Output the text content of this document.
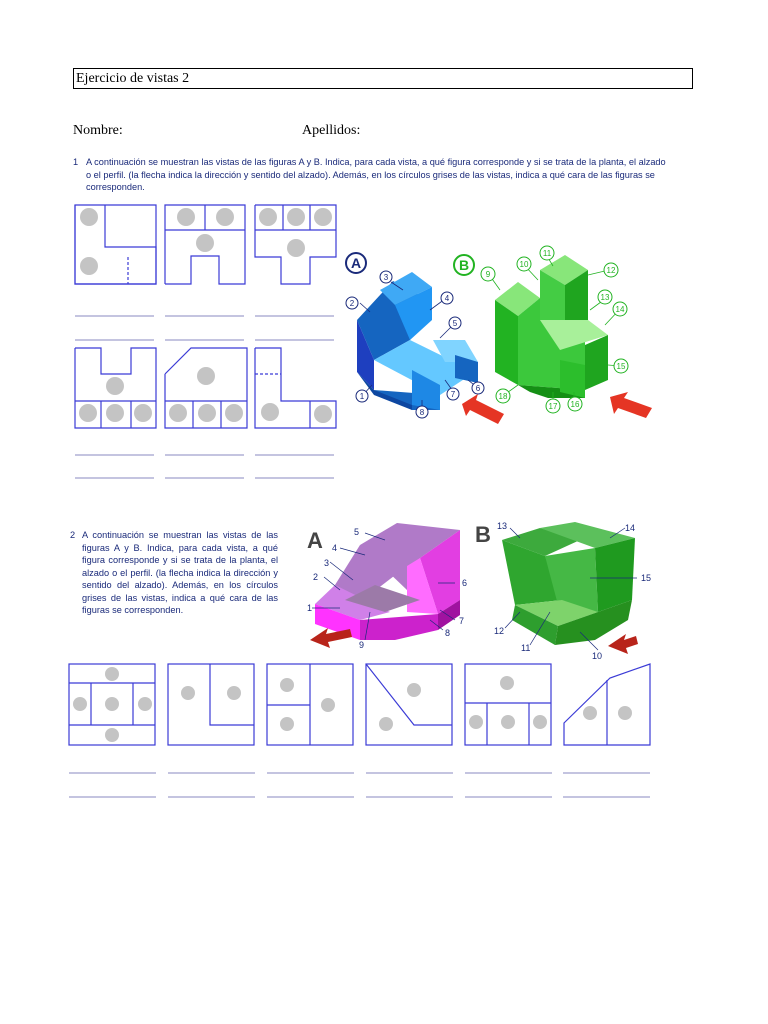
Ejercicio de vistas 2
Nombre:	Apellidos:
1 A continuación se muestran las vistas de las figuras A y B. Indica, para cada vista, a qué figura corresponde y si se trata de la planta, el alzado o el perfil. (la flecha indica la dirección y sentido del alzado). Además, en los círculos grises de las vistas, indica a qué cara de las figuras se corresponden.
2 A continuación se muestran las vistas de las figuras A y B. Indica, para cada vista, a qué figura corresponde y si se trata de la planta, el alzado o el perfil. (la flecha indica la dirección y sentido del alzado). Además, en los círculos grises de las vistas, indica a qué cara de las figuras se corresponden.
A	B
3
2
4
5
6
7
8
1
9
10
11
12
13
14
15
16
17
18
A	B
1
2
3
4
5
6
7
8
9
10
11
12
13	14
15
